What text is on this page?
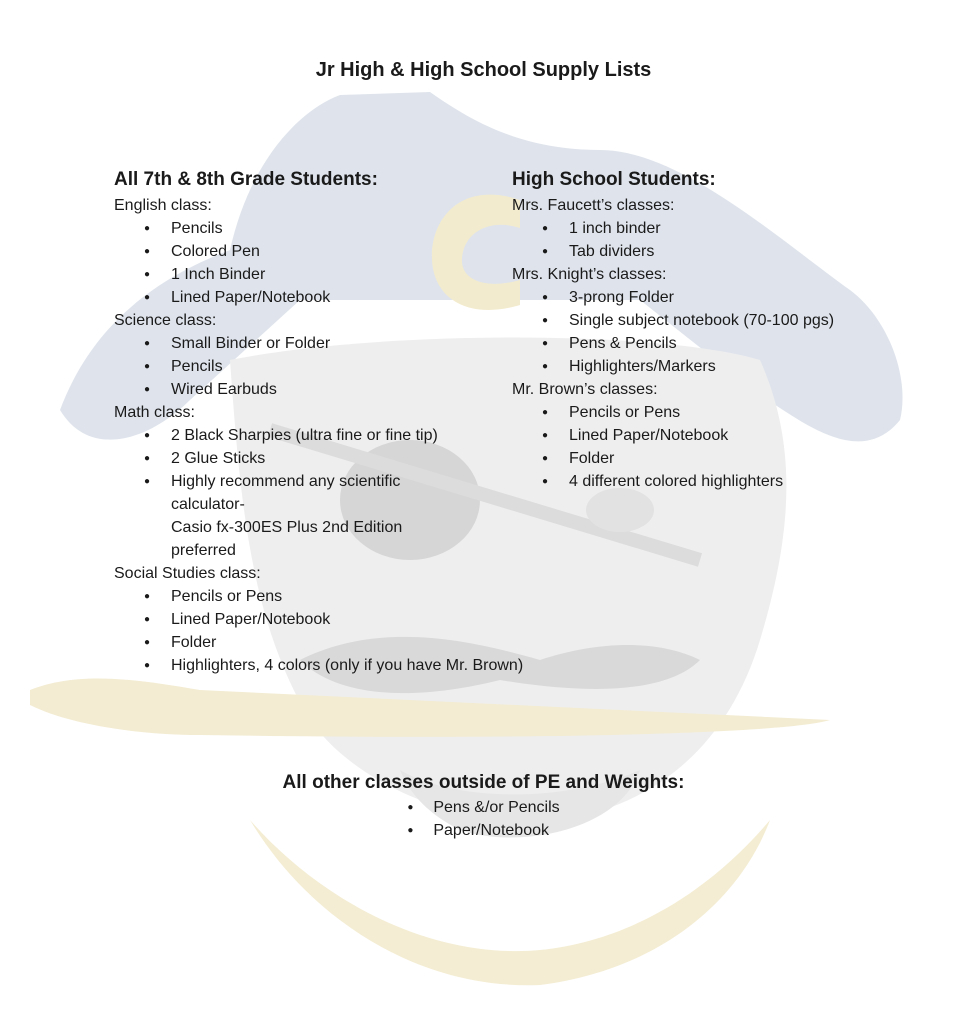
Jr High & High School Supply Lists
All 7th & 8th Grade Students:
English class:
● Pencils
● Colored Pen
● 1 Inch Binder
● Lined Paper/Notebook
Science class:
● Small Binder or Folder
● Pencils
● Wired Earbuds
Math class:
● 2 Black Sharpies (ultra fine or fine tip)
● 2 Glue Sticks
● Highly recommend any scientific calculator-
Casio fx-300ES Plus 2nd Edition preferred
Social Studies class:
● Pencils or Pens
● Lined Paper/Notebook
● Folder
● Highlighters, 4 colors (only if you have Mr. Brown)
High School Students:
Mrs. Faucett’s classes:
● 1 inch binder
● Tab dividers
Mrs. Knight’s classes:
● 3-prong Folder
● Single subject notebook (70-100 pgs)
● Pens & Pencils
● Highlighters/Markers
Mr. Brown’s classes:
● Pencils or Pens
● Lined Paper/Notebook
● Folder
● 4 different colored highlighters
All other classes outside of PE and Weights:
● Pens &/or Pencils
● Paper/Notebook
